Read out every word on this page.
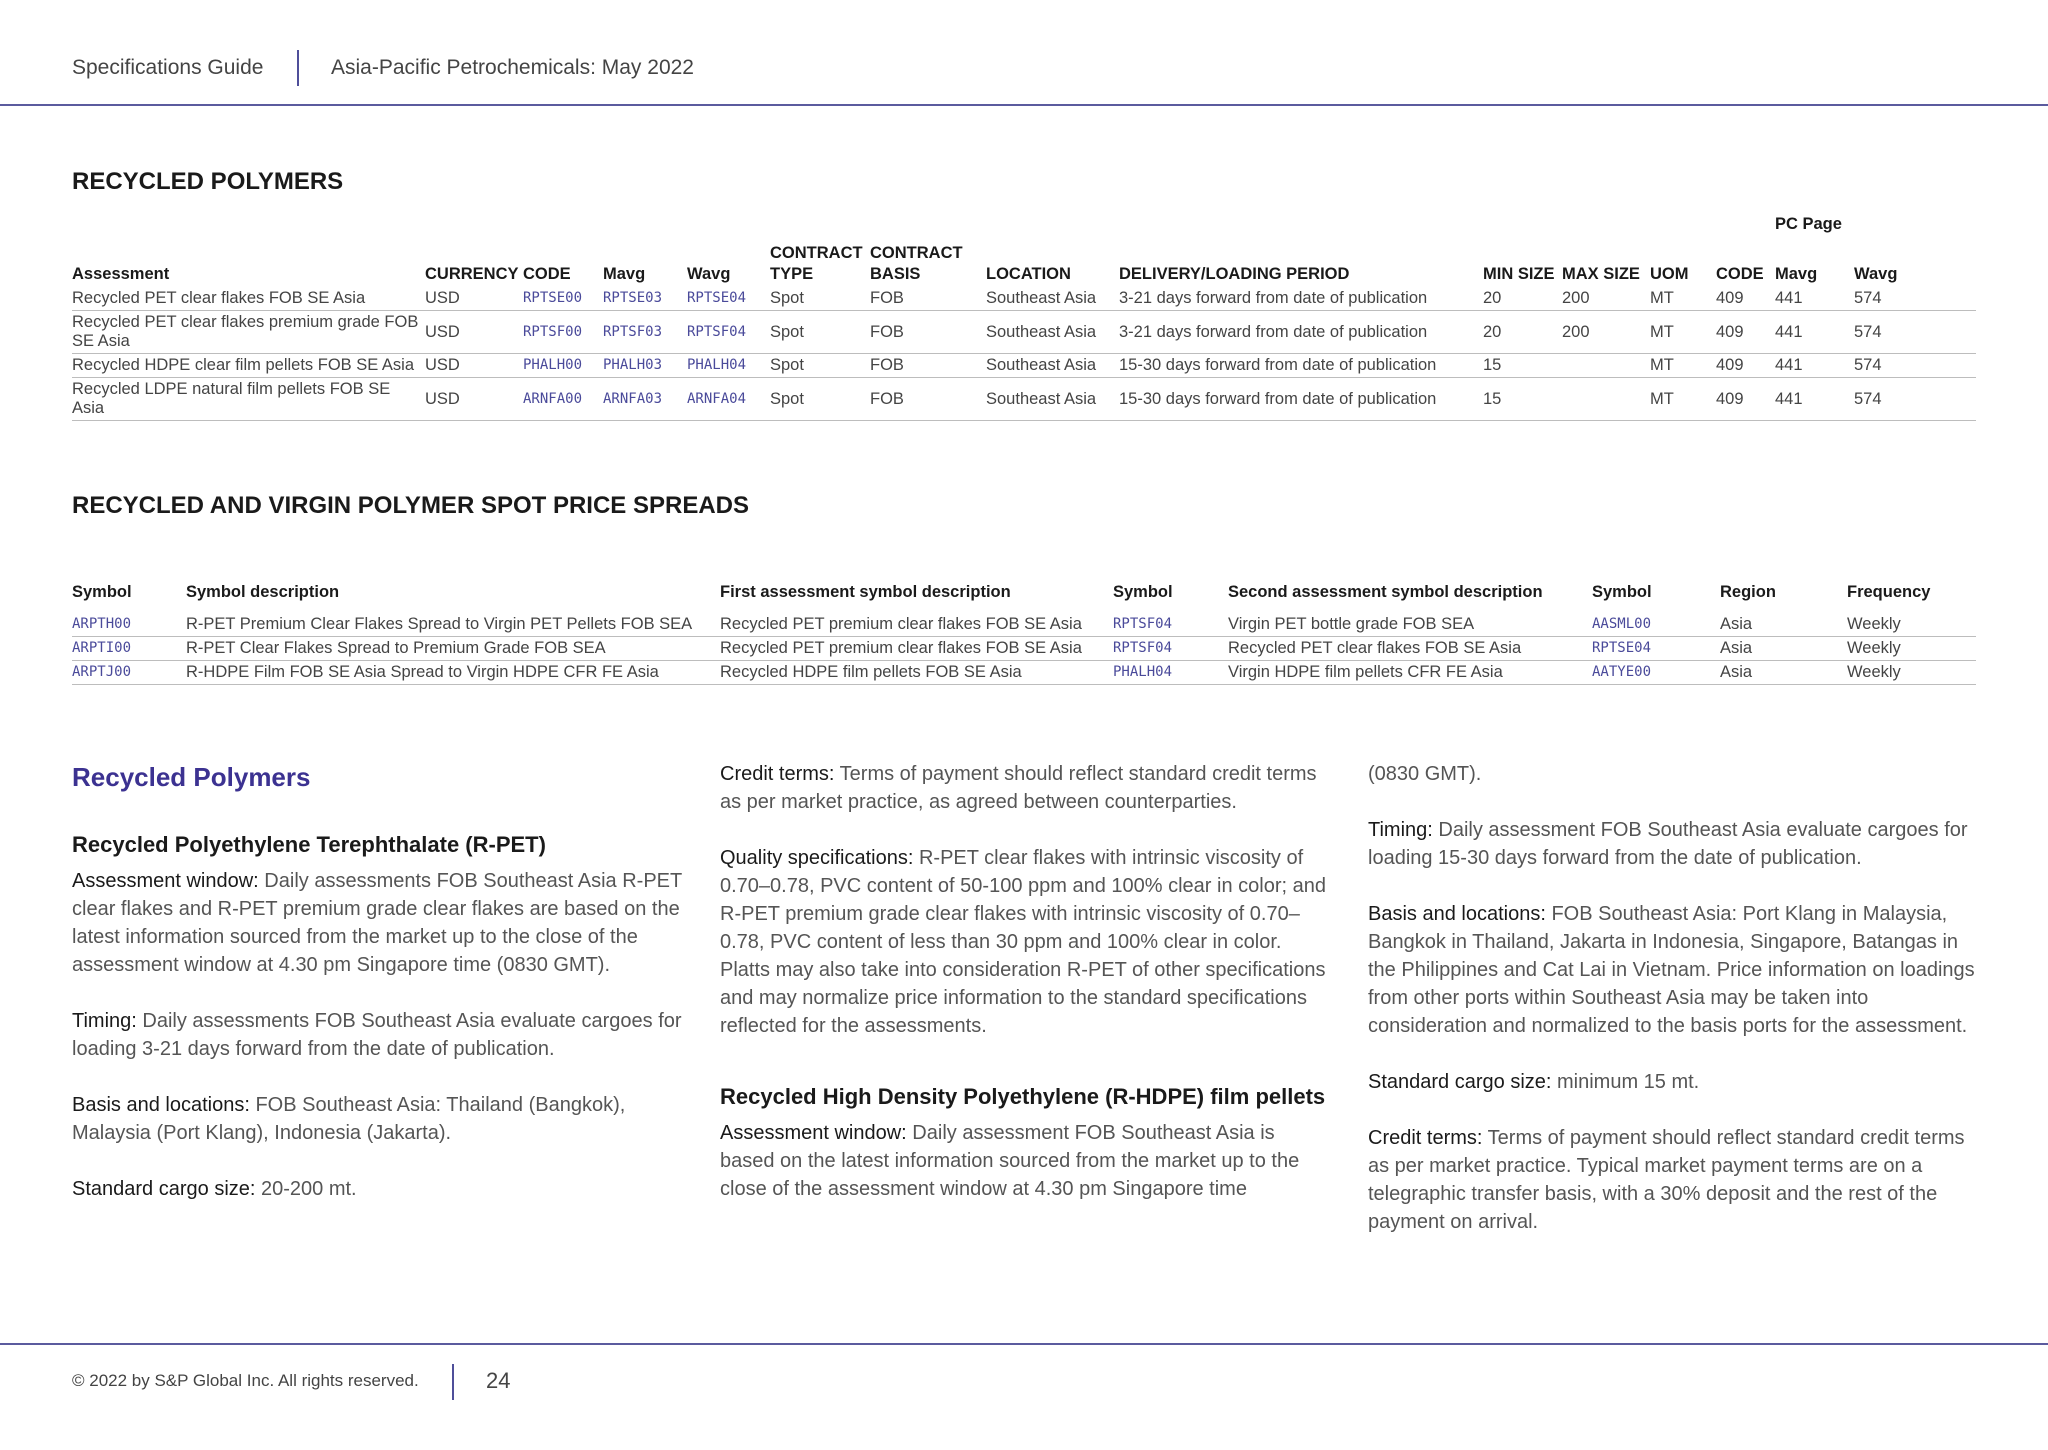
Specifications Guide	Asia-Pacific Petrochemicals: May 2022
RECYCLED POLYMERS
													PC Page	
Assessment	CURRENCY	CODE	Mavg	Wavg	CONTRACT TYPE	CONTRACT BASIS	LOCATION	DELIVERY/LOADING PERIOD	MIN SIZE	MAX SIZE	UOM	CODE	Mavg	Wavg
Recycled PET clear flakes FOB SE Asia	USD	RPTSE00	RPTSE03	RPTSE04	Spot	FOB	Southeast Asia	3-21 days forward from date of publication	20	200	MT	409	441	574
Recycled PET clear flakes premium grade FOB SE Asia	USD	RPTSF00	RPTSF03	RPTSF04	Spot	FOB	Southeast Asia	3-21 days forward from date of publication	20	200	MT	409	441	574
Recycled HDPE clear film pellets FOB SE Asia	USD	PHALH00	PHALH03	PHALH04	Spot	FOB	Southeast Asia	15-30 days forward from date of publication	15		MT	409	441	574
Recycled LDPE natural film pellets FOB SE Asia	USD	ARNFA00	ARNFA03	ARNFA04	Spot	FOB	Southeast Asia	15-30 days forward from date of publication	15		MT	409	441	574
RECYCLED AND VIRGIN POLYMER SPOT PRICE SPREADS
Symbol	Symbol description	First assessment symbol description	Symbol	Second assessment symbol description	Symbol	Region	Frequency

ARPTH00	R-PET Premium Clear Flakes Spread to Virgin PET Pellets FOB SEA	Recycled PET premium clear flakes FOB SE Asia	RPTSF04	Virgin PET bottle grade FOB SEA	AASML00	Asia	Weekly
ARPTI00	R-PET Clear Flakes Spread to Premium Grade FOB SEA	Recycled PET premium clear flakes FOB SE Asia	RPTSF04	Recycled PET clear flakes FOB SE Asia	RPTSE04	Asia	Weekly
ARPTJ00	R-HDPE Film FOB SE Asia Spread to Virgin HDPE CFR FE Asia	Recycled HDPE film pellets FOB SE Asia	PHALH04	Virgin HDPE film pellets CFR FE Asia	AATYE00	Asia	Weekly
Recycled Polymers
Recycled Polyethylene Terephthalate (R-PET)

Assessment window: Daily assessments FOB Southeast Asia R-PET clear flakes and R-PET premium grade clear flakes are based on the latest information sourced from the market up to the close of the assessment window at 4.30 pm Singapore time (0830 GMT).

Timing: Daily assessments FOB Southeast Asia evaluate cargoes for loading 3-21 days forward from the date of publication.

Basis and locations: FOB Southeast Asia: Thailand (Bangkok), Malaysia (Port Klang), Indonesia (Jakarta).

Standard cargo size: 20-200 mt.

Credit terms: Terms of payment should reflect standard credit terms as per market practice, as agreed between counterparties.

Quality specifications: R-PET clear flakes with intrinsic viscosity of 0.70–0.78, PVC content of 50-100 ppm and 100% clear in color; and R-PET premium grade clear flakes with intrinsic viscosity of 0.70–0.78, PVC content of less than 30 ppm and 100% clear in color. Platts may also take into consideration R-PET of other specifications and may normalize price information to the standard specifications reflected for the assessments.

Recycled High Density Polyethylene (R-HDPE) film pellets

Assessment window: Daily assessment FOB Southeast Asia is based on the latest information sourced from the market up to the close of the assessment window at 4.30 pm Singapore time

(0830 GMT).

Timing: Daily assessment FOB Southeast Asia evaluate cargoes for loading 15-30 days forward from the date of publication.

Basis and locations: FOB Southeast Asia: Port Klang in Malaysia, Bangkok in Thailand, Jakarta in Indonesia, Singapore, Batangas in the Philippines and Cat Lai in Vietnam. Price information on loadings from other ports within Southeast Asia may be taken into consideration and normalized to the basis ports for the assessment.

Standard cargo size: minimum 15 mt.

Credit terms: Terms of payment should reflect standard credit terms as per market practice. Typical market payment terms are on a telegraphic transfer basis, with a 30% deposit and the rest of the payment on arrival.

© 2022 by S&P Global Inc. All rights reserved.	24
